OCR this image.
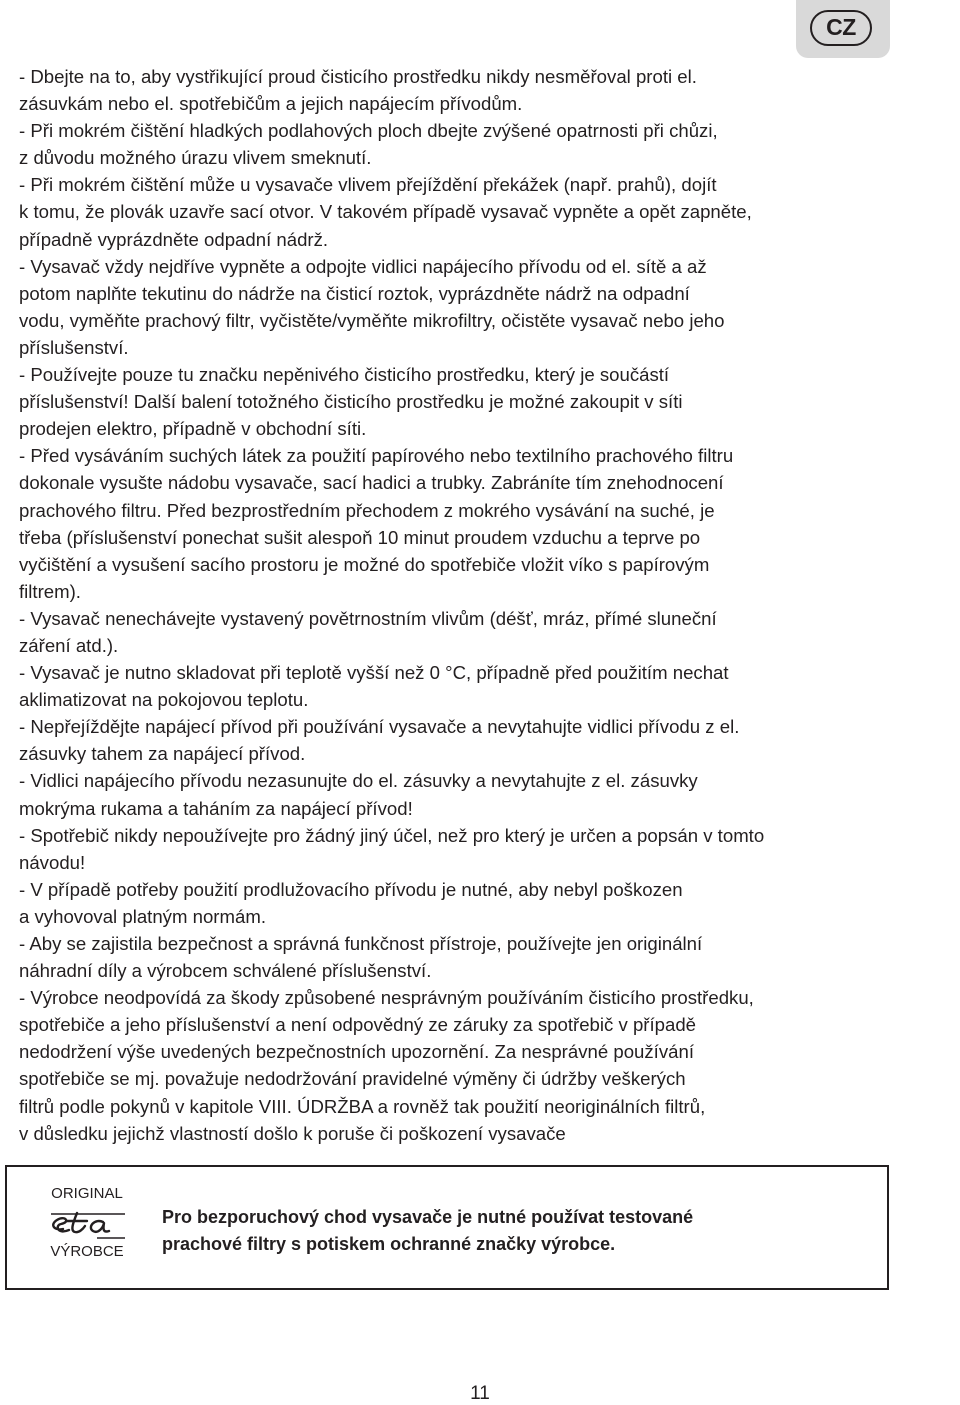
CZ
- Dbejte na to, aby vystřikující proud čisticího prostředku nikdy nesměřoval proti el.
zásuvkám nebo el. spotřebičům a jejich napájecím přívodům.
- Při mokrém čištění hladkých podlahových ploch dbejte zvýšené opatrnosti při chůzi,
z důvodu možného úrazu vlivem smeknutí.
- Při mokrém čištění může u vysavače vlivem přejíždění překážek (např. prahů), dojít
k tomu, že plovák uzavře sací otvor. V takovém případě vysavač vypněte a opět zapněte,
případně vyprázdněte odpadní nádrž.
- Vysavač vždy nejdříve vypněte a odpojte vidlici napájecího přívodu od el. sítě a až
potom naplňte tekutinu do nádrže na čisticí roztok, vyprázdněte nádrž na odpadní
vodu, vyměňte prachový filtr, vyčistěte/vyměňte mikrofiltry, očistěte vysavač nebo jeho
příslušenství.
- Používejte pouze tu značku nepěnivého čisticího prostředku, který je součástí
příslušenství! Další balení totožného čisticího prostředku je možné zakoupit v síti
prodejen elektro, případně v obchodní síti.
- Před vysáváním suchých látek za použití papírového nebo textilního prachového filtru
dokonale vysušte nádobu vysavače, sací hadici a trubky. Zabráníte tím znehodnocení
prachového filtru. Před bezprostředním přechodem z mokrého vysávání na suché, je
třeba (příslušenství ponechat sušit alespoň 10 minut proudem vzduchu a teprve po
vyčištění a vysušení sacího prostoru je možné do spotřebiče vložit víko s papírovým
filtrem).
- Vysavač nenechávejte vystavený povětrnostním vlivům (déšť, mráz, přímé sluneční
záření atd.).
- Vysavač je nutno skladovat při teplotě vyšší než 0 °C, případně před použitím nechat
aklimatizovat na pokojovou teplotu.
- Nepřejíždějte napájecí přívod při používání vysavače a nevytahujte vidlici přívodu z el.
zásuvky tahem za napájecí přívod.
- Vidlici napájecího přívodu nezasunujte do el. zásuvky a nevytahujte z el. zásuvky
mokrýma rukama a taháním za napájecí přívod!
- Spotřebič nikdy nepoužívejte pro žádný jiný účel, než pro který je určen a popsán v tomto
návodu!
- V případě potřeby použití prodlužovacího přívodu je nutné, aby nebyl poškozen
a vyhovoval platným normám.
- Aby se zajistila bezpečnost a správná funkčnost přístroje, používejte jen originální
náhradní díly a výrobcem schválené příslušenství.
- Výrobce neodpovídá za škody způsobené nesprávným používáním čisticího prostředku,
spotřebiče a jeho příslušenství a není odpovědný ze záruky za spotřebič v případě
nedodržení výše uvedených bezpečnostních upozornění. Za nesprávné používání
spotřebiče se mj. považuje nedodržování pravidelné výměny či údržby veškerých
filtrů podle pokynů v kapitole VIII. ÚDRŽBA a rovněž tak použití neoriginálních filtrů,
v důsledku jejichž vlastností došlo k poruše či poškození vysavače
ORIGINAL
VÝROBCE

Pro bezporuchový chod vysavače je nutné používat testované
prachové filtry s potiskem ochranné značky výrobce.

11
